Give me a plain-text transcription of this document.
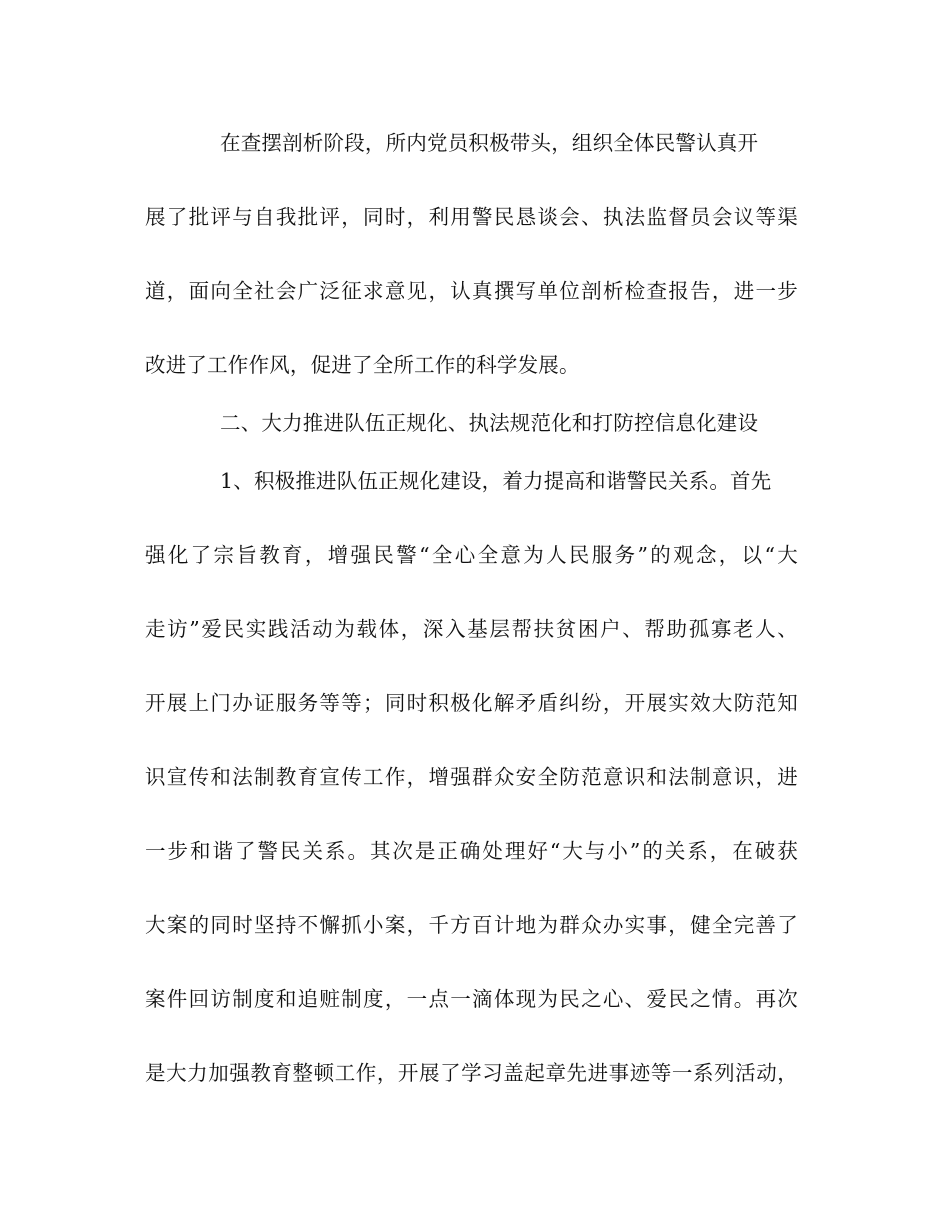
在查摆剖析阶段，所内党员积极带头，组织全体民警认真开
展了批评与自我批评，同时，利用警民恳谈会、执法监督员会议等渠
道，面向全社会广泛征求意见，认真撰写单位剖析检查报告，进一步
改进了工作作风，促进了全所工作的科学发展。
二、大力推进队伍正规化、执法规范化和打防控信息化建设
1、积极推进队伍正规化建设，着力提高和谐警民关系。首先
强化了宗旨教育，增强民警“全心全意为人民服务”的观念，以“大
走访”爱民实践活动为载体，深入基层帮扶贫困户、帮助孤寡老人、
开展上门办证服务等等；同时积极化解矛盾纠纷，开展实效大防范知
识宣传和法制教育宣传工作，增强群众安全防范意识和法制意识，进
一步和谐了警民关系。其次是正确处理好“大与小”的关系，在破获
大案的同时坚持不懈抓小案，千方百计地为群众办实事，健全完善了
案件回访制度和追赃制度，一点一滴体现为民之心、爱民之情。再次
是大力加强教育整顿工作，开展了学习盖起章先进事迹等一系列活动，
